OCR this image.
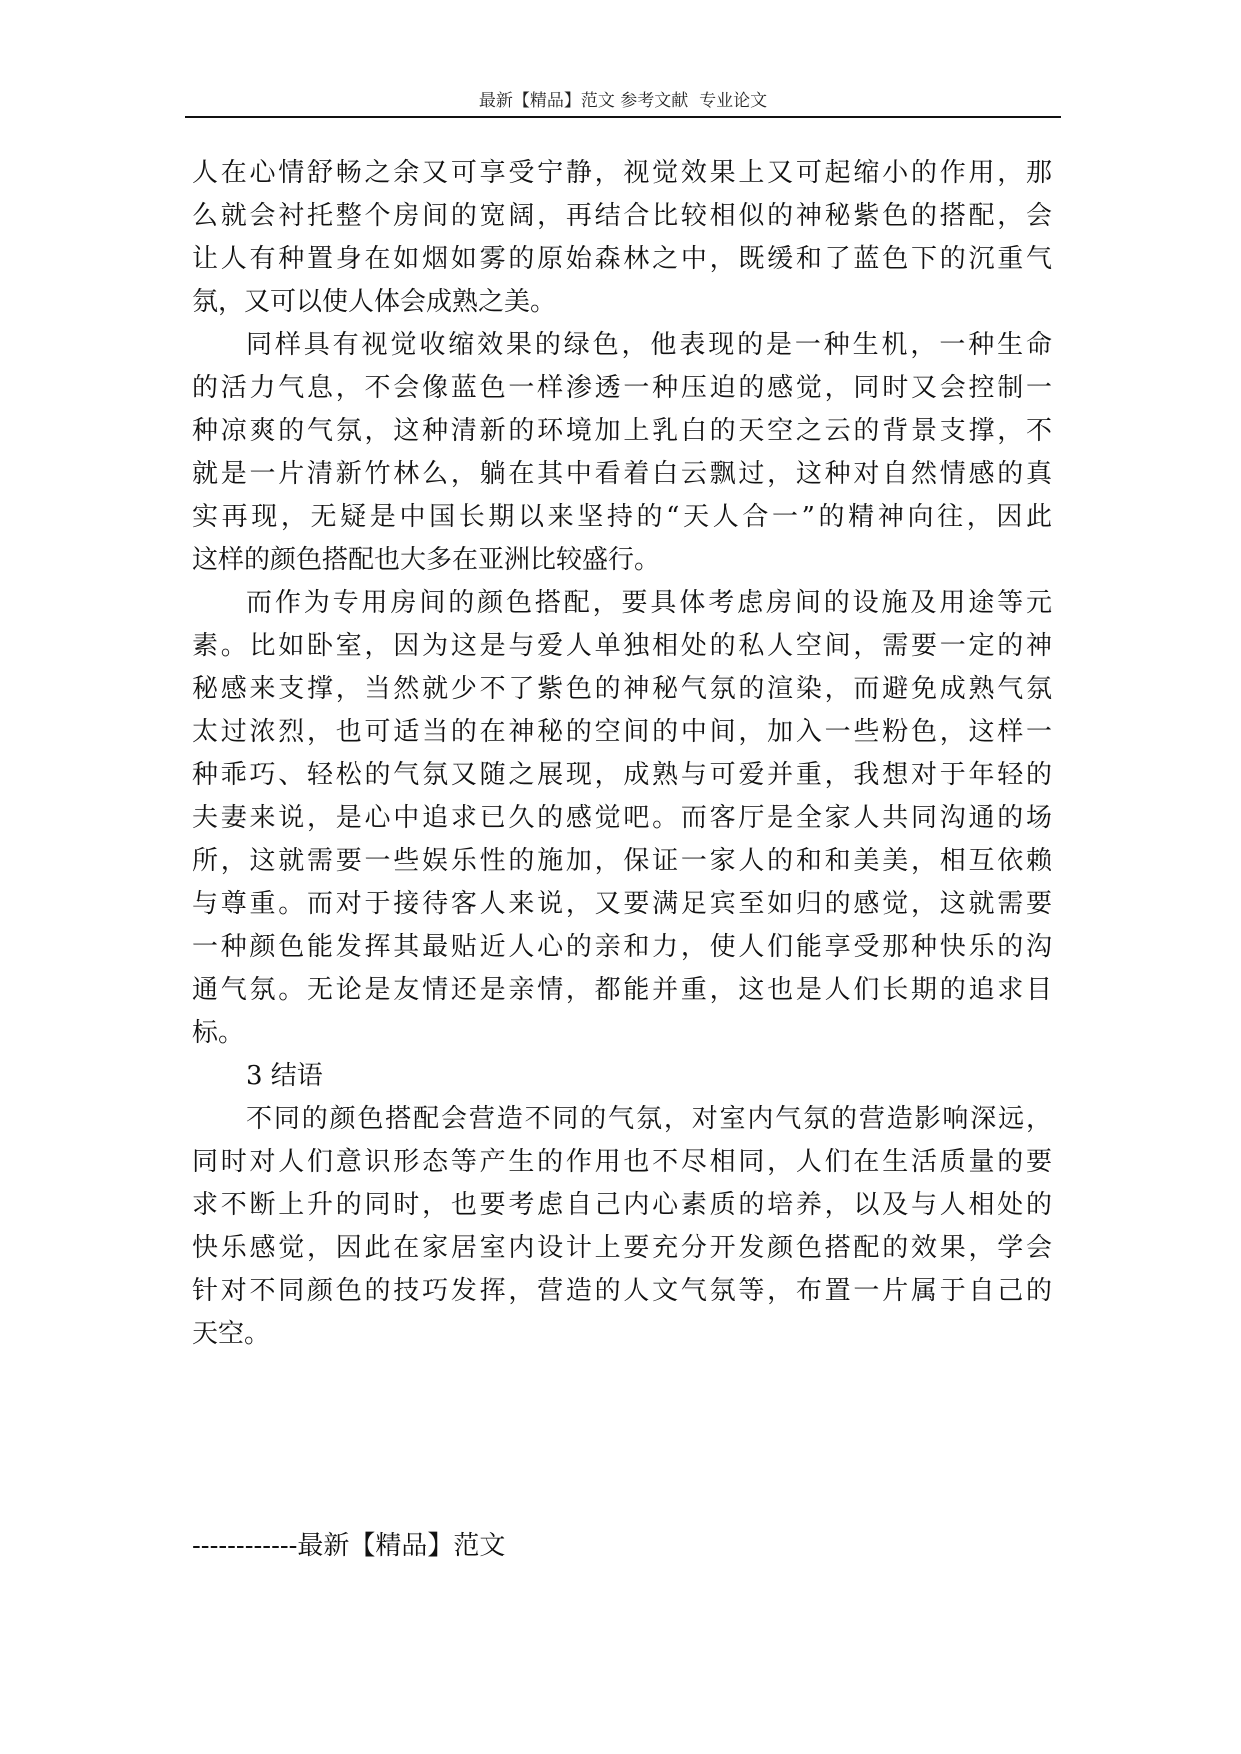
最新【精品】范文 参考文献  专业论文
人在心情舒畅之余又可享受宁静，视觉效果上又可起缩小的作用，那
么就会衬托整个房间的宽阔，再结合比较相似的神秘紫色的搭配，会
让人有种置身在如烟如雾的原始森林之中，既缓和了蓝色下的沉重气
氛，又可以使人体会成熟之美。
同样具有视觉收缩效果的绿色，他表现的是一种生机，一种生命
的活力气息，不会像蓝色一样渗透一种压迫的感觉，同时又会控制一
种凉爽的气氛，这种清新的环境加上乳白的天空之云的背景支撑，不
就是一片清新竹林么，躺在其中看着白云飘过，这种对自然情感的真
实再现，无疑是中国长期以来坚持的“天人合一”的精神向往，因此
这样的颜色搭配也大多在亚洲比较盛行。
而作为专用房间的颜色搭配，要具体考虑房间的设施及用途等元
素。比如卧室，因为这是与爱人单独相处的私人空间，需要一定的神
秘感来支撑，当然就少不了紫色的神秘气氛的渲染，而避免成熟气氛
太过浓烈，也可适当的在神秘的空间的中间，加入一些粉色，这样一
种乖巧、轻松的气氛又随之展现，成熟与可爱并重，我想对于年轻的
夫妻来说，是心中追求已久的感觉吧。而客厅是全家人共同沟通的场
所，这就需要一些娱乐性的施加，保证一家人的和和美美，相互依赖
与尊重。而对于接待客人来说，又要满足宾至如归的感觉，这就需要
一种颜色能发挥其最贴近人心的亲和力，使人们能享受那种快乐的沟
通气氛。无论是友情还是亲情，都能并重，这也是人们长期的追求目
标。
3 结语
不同的颜色搭配会营造不同的气氛，对室内气氛的营造影响深远，
同时对人们意识形态等产生的作用也不尽相同，人们在生活质量的要
求不断上升的同时，也要考虑自己内心素质的培养，以及与人相处的
快乐感觉，因此在家居室内设计上要充分开发颜色搭配的效果，学会
针对不同颜色的技巧发挥，营造的人文气氛等，布置一片属于自己的
天空。
------------最新【精品】范文
